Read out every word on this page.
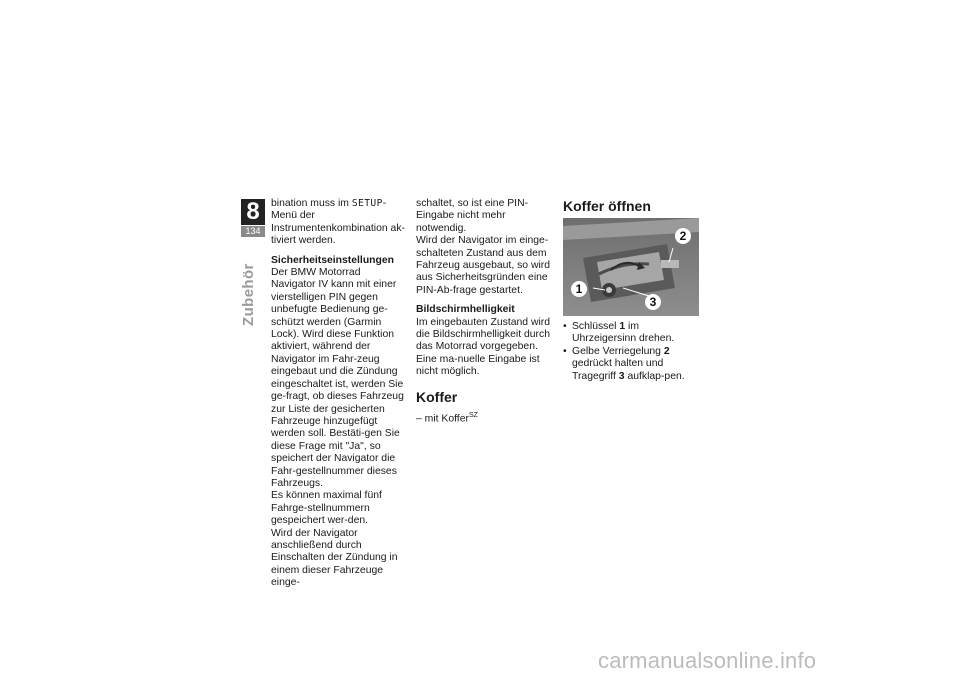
8
134
Zubehör

bination muss im SETUP-Menü der Instrumentenkombination ak-tiviert werden.

Sicherheitseinstellungen

Der BMW Motorrad Navigator IV kann mit einer vierstelligen PIN gegen unbefugte Bedienung ge-schützt werden (Garmin Lock). Wird diese Funktion aktiviert, während der Navigator im Fahr-zeug eingebaut und die Zündung eingeschaltet ist, werden Sie ge-fragt, ob dieses Fahrzeug zur Liste der gesicherten Fahrzeuge hinzugefügt werden soll. Bestäti-gen Sie diese Frage mit "Ja", so speichert der Navigator die Fahr-gestellnummer dieses Fahrzeugs.

Es können maximal fünf Fahrge-stellnummern gespeichert wer-den.

Wird der Navigator anschließend durch Einschalten der Zündung in einem dieser Fahrzeuge einge-

schaltet, so ist eine PIN-Eingabe nicht mehr notwendig.

Wird der Navigator im einge-schalteten Zustand aus dem Fahrzeug ausgebaut, so wird aus Sicherheitsgründen eine PIN-Ab-frage gestartet.

Bildschirmhelligkeit

Im eingebauten Zustand wird die Bildschirmhelligkeit durch das Motorrad vorgegeben. Eine ma-nuelle Eingabe ist nicht möglich.

Koffer

– mit Koffer$^{SZ}$

Koffer öffnen

2
1
3
• Schlüssel 1 im Uhrzeigersinn drehen.
• Gelbe Verriegelung 2 gedrückt halten und Tragegriff 3 aufklap-pen.
carmanualsonline.info
